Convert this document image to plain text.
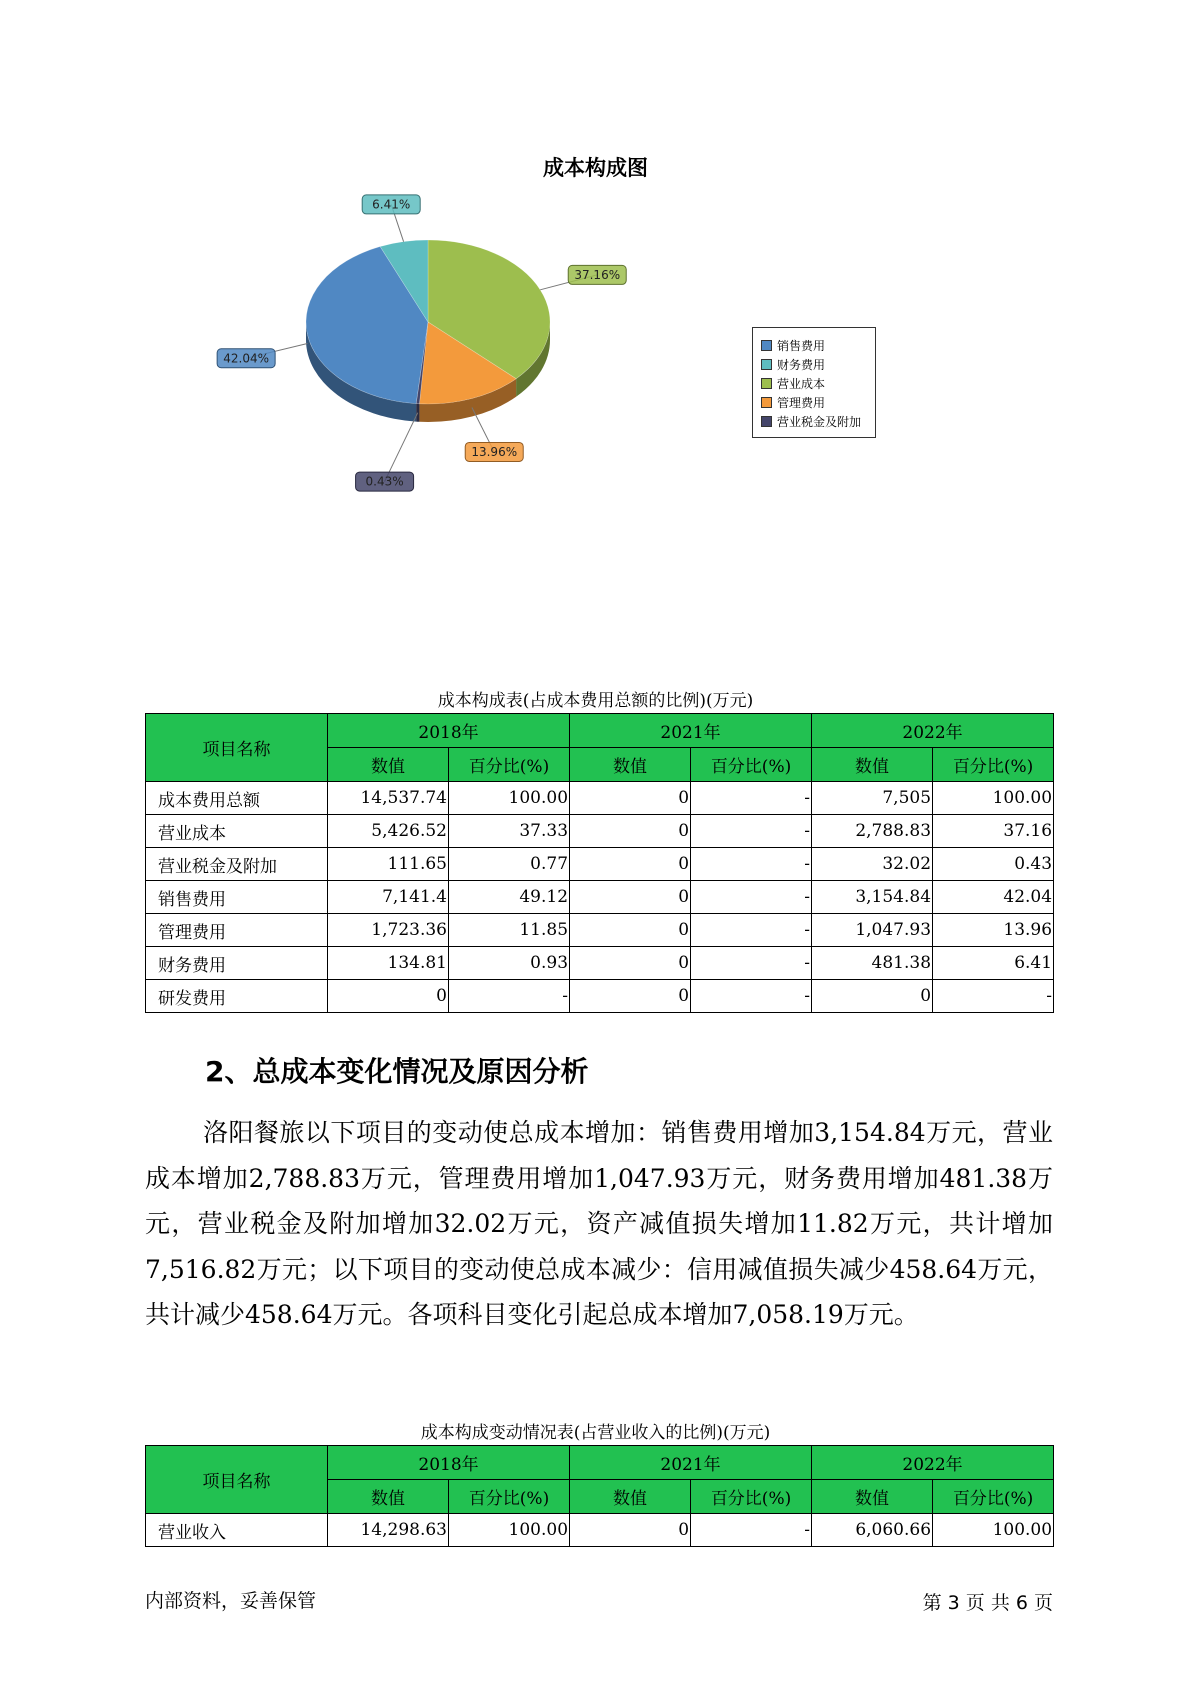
成本构成图
37.16%
13.96%
0.43%
42.04%
6.41%
销售费用
财务费用
营业成本
管理费用
营业税金及附加
成本构成表(占成本费用总额的比例)(万元)
项目名称	2018年		2021年		2022年	
	数值	百分比(%)	数值	百分比(%)	数值	百分比(%)
成本费用总额	14,537.74	100.00	0	-	7,505	100.00
营业成本	5,426.52	37.33	0	-	2,788.83	37.16
营业税金及附加	111.65	0.77	0	-	32.02	0.43
销售费用	7,141.4	49.12	0	-	3,154.84	42.04
管理费用	1,723.36	11.85	0	-	1,047.93	13.96
财务费用	134.81	0.93	0	-	481.38	6.41
研发费用	0	-	0	-	0	-
2、总成本变化情况及原因分析

洛阳餐旅以下项目的变动使总成本增加：销售费用增加3,154.84万元，营业成本增加2,788.83万元，管理费用增加1,047.93万元，财务费用增加481.38万元，营业税金及附加增加32.02万元，资产减值损失增加11.82万元，共计增加7,516.82万元；以下项目的变动使总成本减少：信用减值损失减少458.64万元，共计减少458.64万元。各项科目变化引起总成本增加7,058.19万元。

成本构成变动情况表(占营业收入的比例)(万元)
项目名称	2018年		2021年		2022年	
	数值	百分比(%)	数值	百分比(%)	数值	百分比(%)
营业收入	14,298.63	100.00	0	-	6,060.66	100.00
内部资料，妥善保管	第 3 页 共 6 页
